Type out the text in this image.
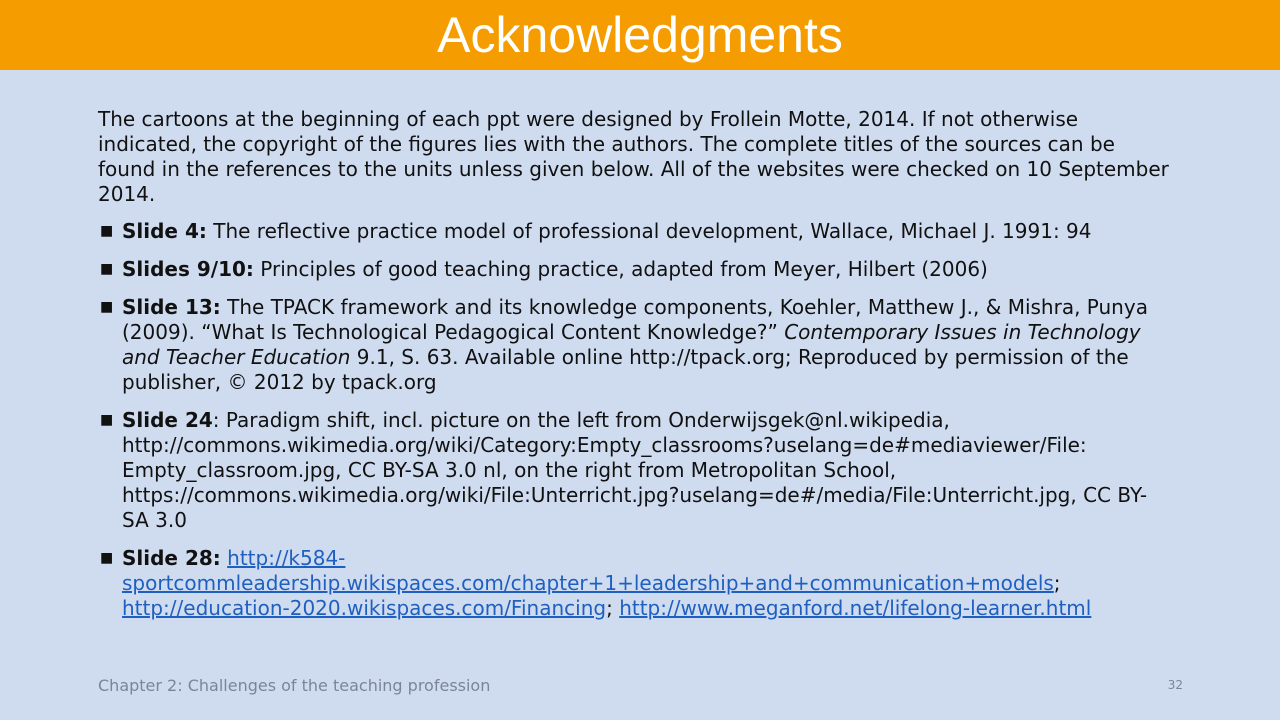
Acknowledgments

The cartoons at the beginning of each ppt were designed by Frollein Motte, 2014. If not otherwise indicated, the copyright of the figures lies with the authors. The complete titles of the sources can be found in the references to the units unless given below. All of the websites were checked on 10 September 2014.

■ Slide 4: The reflective practice model of professional development, Wallace, Michael J. 1991: 94
■ Slides 9/10: Principles of good teaching practice, adapted from Meyer, Hilbert (2006)
■ Slide 13: The TPACK framework and its knowledge components, Koehler, Matthew J., & Mishra, Punya (2009). “What Is Technological Pedagogical Content Knowledge?” Contemporary Issues in Technology and Teacher Education 9.1, S. 63. Available online http://tpack.org; Reproduced by permission of the publisher, © 2012 by tpack.org
■ Slide 24: Paradigm shift, incl. picture on the left from Onderwijsgek@nl.wikipedia, http://commons.wikimedia.org/wiki/Category:Empty_classrooms?uselang=de#mediaviewer/File: Empty_classroom.jpg, CC BY-SA 3.0 nl, on the right from Metropolitan School, https://commons.wikimedia.org/wiki/File:Unterricht.jpg?uselang=de#/media/File:Unterricht.jpg, CC BY-SA 3.0
■ Slide 28: http://k584-sportcommleadership.wikispaces.com/chapter+1+leadership+and+communication+models; http://education-2020.wikispaces.com/Financing; http://www.meganford.net/lifelong-learner.html
Chapter 2: Challenges of the teaching profession	32
